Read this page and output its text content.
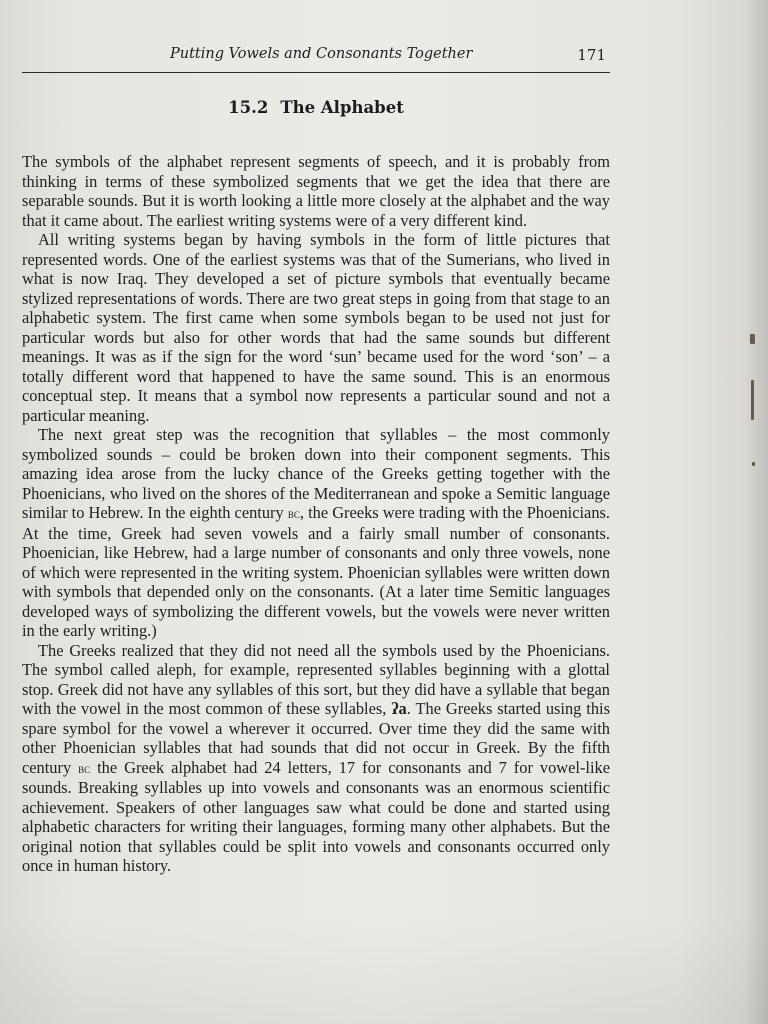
Putting Vowels and Consonants Together	171
15.2 The Alphabet

The symbols of the alphabet represent segments of speech, and it is probably from thinking in terms of these symbolized segments that we get the idea that there are separable sounds. But it is worth looking a little more closely at the alphabet and the way that it came about. The earliest writing systems were of a very different kind.

All writing systems began by having symbols in the form of little pictures that represented words. One of the earliest systems was that of the Sumerians, who lived in what is now Iraq. They developed a set of picture symbols that eventually became stylized representations of words. There are two great steps in going from that stage to an alphabetic system. The first came when some symbols began to be used not just for particular words but also for other words that had the same sounds but different meanings. It was as if the sign for the word ‘sun’ became used for the word ‘son’ – a totally different word that happened to have the same sound. This is an enormous conceptual step. It means that a symbol now represents a particular sound and not a particular meaning.

The next great step was the recognition that syllables – the most commonly symbolized sounds – could be broken down into their component segments. This amazing idea arose from the lucky chance of the Greeks getting together with the Phoenicians, who lived on the shores of the Mediterranean and spoke a Semitic language similar to Hebrew. In the eighth century bc, the Greeks were trading with the Phoenicians. At the time, Greek had seven vowels and a fairly small number of consonants. Phoenician, like Hebrew, had a large number of consonants and only three vowels, none of which were represented in the writing system. Phoenician syllables were written down with symbols that depended only on the consonants. (At a later time Semitic languages developed ways of symbolizing the different vowels, but the vowels were never written in the early writing.)

The Greeks realized that they did not need all the symbols used by the Phoenicians. The symbol called aleph, for example, represented syllables beginning with a glottal stop. Greek did not have any syllables of this sort, but they did have a syllable that began with the vowel in the most common of these syllables, ʔa. The Greeks started using this spare symbol for the vowel a wherever it occurred. Over time they did the same with other Phoenician syllables that had sounds that did not occur in Greek. By the fifth century bc the Greek alphabet had 24 letters, 17 for consonants and 7 for vowel-like sounds. Breaking syllables up into vowels and consonants was an enormous scientific achievement. Speakers of other languages saw what could be done and started using alphabetic characters for writing their languages, forming many other alphabets. But the original notion that syllables could be split into vowels and consonants occurred only once in human history.
